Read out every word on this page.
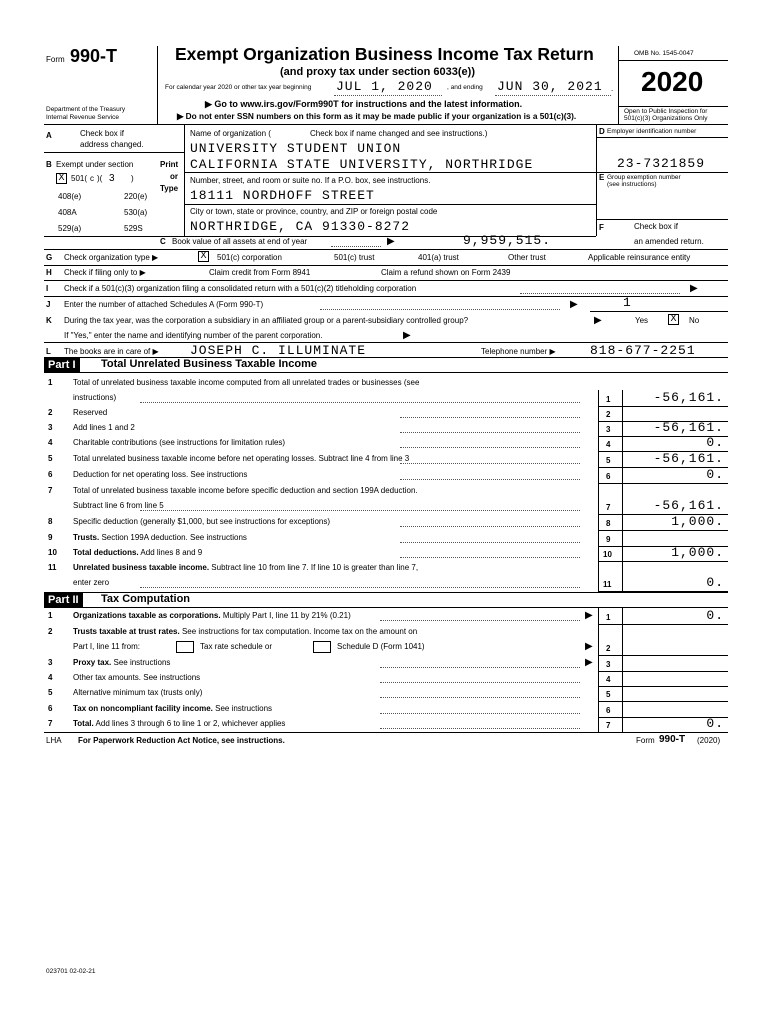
Form 990-T
Department of the Treasury
Internal Revenue Service
Exempt Organization Business Income Tax Return
(and proxy tax under section 6033(e))
For calendar year 2020 or other tax year beginning JUL 1, 2020 , and ending JUN 30, 2021 .
▶ Go to www.irs.gov/Form990T for instructions and the latest information.
▶ Do not enter SSN numbers on this form as it may be made public if your organization is a 501(c)(3).
OMB No. 1545-0047
2020
Open to Public Inspection for
501(c)(3) Organizations Only
A	Check box if
address changed.
B Exempt under section
X 501( c )( 3 )
408(e)	220(e)
408A	530(a)
529(a)	529S
Print
or
Type
Name of organization (	Check box if name changed and see instructions.)
UNIVERSITY STUDENT UNION
CALIFORNIA STATE UNIVERSITY, NORTHRIDGE
Number, street, and room or suite no. If a P.O. box, see instructions.
18111 NORDHOFF STREET
City or town, state or province, country, and ZIP or foreign postal code
NORTHRIDGE, CA 91330-8272
D Employer identification number
23-7321859
E Group exemption number
(see instructions)
F	Check box if
an amended return.
C Book value of all assets at end of year	▶	9,959,515.
G Check organization type ▶	X	501(c) corporation	501(c) trust	401(a) trust	Other trust	Applicable reinsurance entity
H Check if filing only to ▶	Claim credit from Form 8941	Claim a refund shown on Form 2439
I Check if a 501(c)(3) organization filing a consolidated return with a 501(c)(2) titleholding corporation	▶
J Enter the number of attached Schedules A (Form 990-T)	▶	1
K During the tax year, was the corporation a subsidiary in an affiliated group or a parent-subsidiary controlled group?	▶	Yes X	No
If "Yes," enter the name and identifying number of the parent corporation.	▶
L The books are in care of ▶ JOSEPH C. ILLUMINATE	Telephone number ▶	818-677-2251
Part I	Total Unrelated Business Taxable Income
1	Total of unrelated business taxable income computed from all unrelated trades or businesses (see
instructions)	1	-56,161.
2	Reserved	2
3	Add lines 1 and 2	3	-56,161.
4	Charitable contributions (see instructions for limitation rules)	4	0.
5	Total unrelated business taxable income before net operating losses. Subtract line 4 from line 3	5	-56,161.
6	Deduction for net operating loss. See instructions	6	0.
7	Total of unrelated business taxable income before specific deduction and section 199A deduction.
Subtract line 6 from line 5	7	-56,161.
8	Specific deduction (generally $1,000, but see instructions for exceptions)	8	1,000.
9	Trusts. Section 199A deduction. See instructions	9
10 Total deductions. Add lines 8 and 9	10	1,000.
11 Unrelated business taxable income. Subtract line 10 from line 7. If line 10 is greater than line 7,
enter zero	11	0.
Part II	Tax Computation
1	Organizations taxable as corporations. Multiply Part I, line 11 by 21% (0.21)	▶ 1	0.
2	Trusts taxable at trust rates. See instructions for tax computation. Income tax on the amount on
Part I, line 11 from:	Tax rate schedule or	Schedule D (Form 1041)	▶ 2
3	Proxy tax. See instructions	▶ 3
4	Other tax amounts. See instructions	4
5	Alternative minimum tax (trusts only)	5
6	Tax on noncompliant facility income. See instructions	6
7	Total. Add lines 3 through 6 to line 1 or 2, whichever applies	7	0.
LHA For Paperwork Reduction Act Notice, see instructions.	Form 990-T (2020)
023701 02-02-21
